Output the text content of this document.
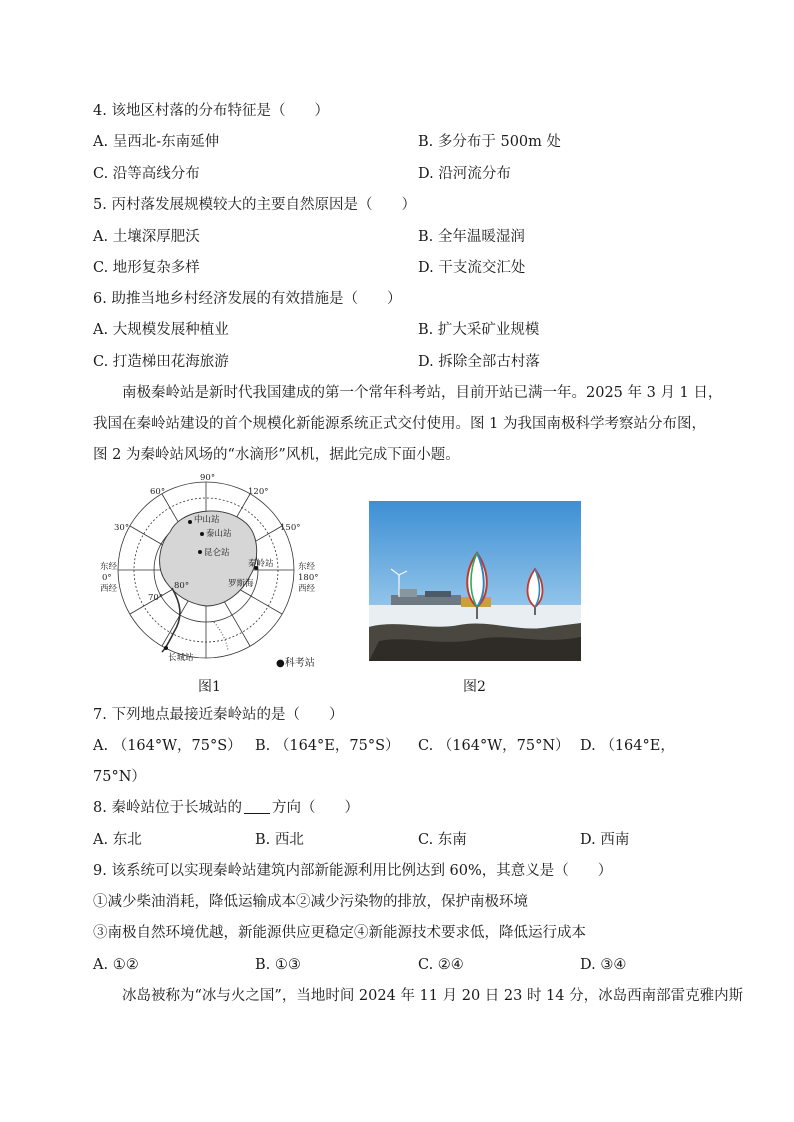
4. 该地区村落的分布特征是（　　）
A. 呈西北-东南延伸	B. 多分布于 500m 处
C. 沿等高线分布	D. 沿河流分布
5. 丙村落发展规模较大的主要自然原因是（　　）
A. 土壤深厚肥沃	B. 全年温暖湿润
C. 地形复杂多样	D. 干支流交汇处
6. 助推当地乡村经济发展的有效措施是（　　）
A. 大规模发展种植业	B. 扩大采矿业规模
C. 打造梯田花海旅游	D. 拆除全部古村落
南极秦岭站是新时代我国建成的第一个常年科考站，目前开站已满一年。2025 年 3 月 1 日，
我国在秦岭站建设的首个规模化新能源系统正式交付使用。图 1 为我国南极科学考察站分布图，
图 2 为秦岭站风场的“水滴形”风机，据此完成下面小题。
90°
60°	120°
30°	150°
东经
0°
西经
东经
180°
西经
80°
70°
中山站
泰山站
昆仑站
秦岭站
罗斯海
长城站	●科考站
图1	图2
7. 下列地点最接近秦岭站的是（　　）
A. （164°W，75°S） B. （164°E，75°S） C. （164°W，75°N） D. （164°E，
75°N）
8. 秦岭站位于长城站的 方向（　　）
A. 东北	B. 西北	C. 东南	D. 西南
9. 该系统可以实现秦岭站建筑内部新能源利用比例达到 60%，其意义是（　　）
①减少柴油消耗，降低运输成本②减少污染物的排放，保护南极环境
③南极自然环境优越，新能源供应更稳定④新能源技术要求低，降低运行成本
A. ①②	B. ①③	C. ②④	D. ③④
冰岛被称为“冰与火之国”，当地时间 2024 年 11 月 20 日 23 时 14 分，冰岛西南部雷克雅内斯
